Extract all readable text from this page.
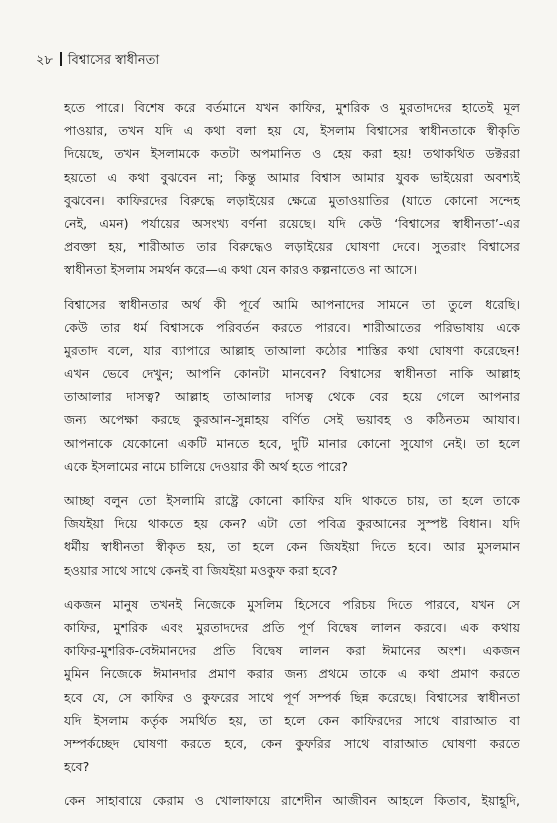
২৮ বিশ্বাসের স্বাধীনতা
হতে পারে। বিশেষ করে বর্তমানে যখন কাফির, মুশরিক ও মুরতাদদের হাতেই মূল
পাওয়ার, তখন যদি এ কথা বলা হয় যে, ইসলাম বিশ্বাসের স্বাধীনতাকে স্বীকৃতি
দিয়েছে, তখন ইসলামকে কতটা অপমানিত ও হেয় করা হয়! তথাকথিত ডক্টররা
হয়তো এ কথা বুঝবেন না; কিন্তু আমার বিশ্বাস আমার যুবক ভাইয়েরা অবশ্যই
বুঝবেন। কাফিরদের বিরুদ্ধে লড়াইয়ের ক্ষেত্রে মুতাওয়াতির (যাতে কোনো সন্দেহ
নেই, এমন) পর্যায়ের অসংখ্য বর্ণনা রয়েছে। যদি কেউ ‘বিশ্বাসের স্বাধীনতা’-এর
প্রবক্তা হয়, শারীআত তার বিরুদ্ধেও লড়াইয়ের ঘোষণা দেবে। সুতরাং বিশ্বাসের
স্বাধীনতা ইসলাম সমর্থন করে—এ কথা যেন কারও কল্পনাতেও না আসে।
বিশ্বাসের স্বাধীনতার অর্থ কী পূর্বে আমি আপনাদের সামনে তা তুলে ধরেছি।
কেউ তার ধর্ম বিশ্বাসকে পরিবর্তন করতে পারবে। শারীআতের পরিভাষায় একে
মুরতাদ বলে, যার ব্যাপারে আল্লাহ তাআলা কঠোর শাস্তির কথা ঘোষণা করেছেন!
এখন ভেবে দেখুন; আপনি কোনটা মানবেন? বিশ্বাসের স্বাধীনতা নাকি আল্লাহ
তাআলার দাসত্ব? আল্লাহ তাআলার দাসত্ব থেকে বের হয়ে গেলে আপনার
জন্য অপেক্ষা করছে কুরআন-সুন্নাহয় বর্ণিত সেই ভয়াবহ ও কঠিনতম আযাব।
আপনাকে যেকোনো একটি মানতে হবে, দুটি মানার কোনো সুযোগ নেই। তা হলে
একে ইসলামের নামে চালিয়ে দেওয়ার কী অর্থ হতে পারে?
আচ্ছা বলুন তো ইসলামি রাষ্ট্রে কোনো কাফির যদি থাকতে চায়, তা হলে তাকে
জিযইয়া দিয়ে থাকতে হয় কেন? এটা তো পবিত্র কুরআনের সুস্পষ্ট বিধান। যদি
ধর্মীয় স্বাধীনতা স্বীকৃত হয়, তা হলে কেন জিযইয়া দিতে হবে। আর মুসলমান
হওয়ার সাথে সাথে কেনই বা জিযইয়া মওকুফ করা হবে?
একজন মানুষ তখনই নিজেকে মুসলিম হিসেবে পরিচয় দিতে পারবে, যখন সে
কাফির, মুশরিক এবং মুরতাদদের প্রতি পূর্ণ বিদ্বেষ লালন করবে। এক কথায়
কাফির-মুশরিক-বেঈমানদের প্রতি বিদ্বেষ লালন করা ঈমানের অংশ। একজন
মুমিন নিজেকে ঈমানদার প্রমাণ করার জন্য প্রথমে তাকে এ কথা প্রমাণ করতে
হবে যে, সে কাফির ও কুফরের সাথে পূর্ণ সম্পর্ক ছিন্ন করেছে। বিশ্বাসের স্বাধীনতা
যদি ইসলাম কর্তৃক সমর্থিত হয়, তা হলে কেন কাফিরদের সাথে বারাআত বা
সম্পর্কচ্ছেদ ঘোষণা করতে হবে, কেন কুফরির সাথে বারাআত ঘোষণা করতে
হবে?
কেন সাহাবায়ে কেরাম ও খোলাফায়ে রাশেদীন আজীবন আহলে কিতাব, ইয়াহূদি,
